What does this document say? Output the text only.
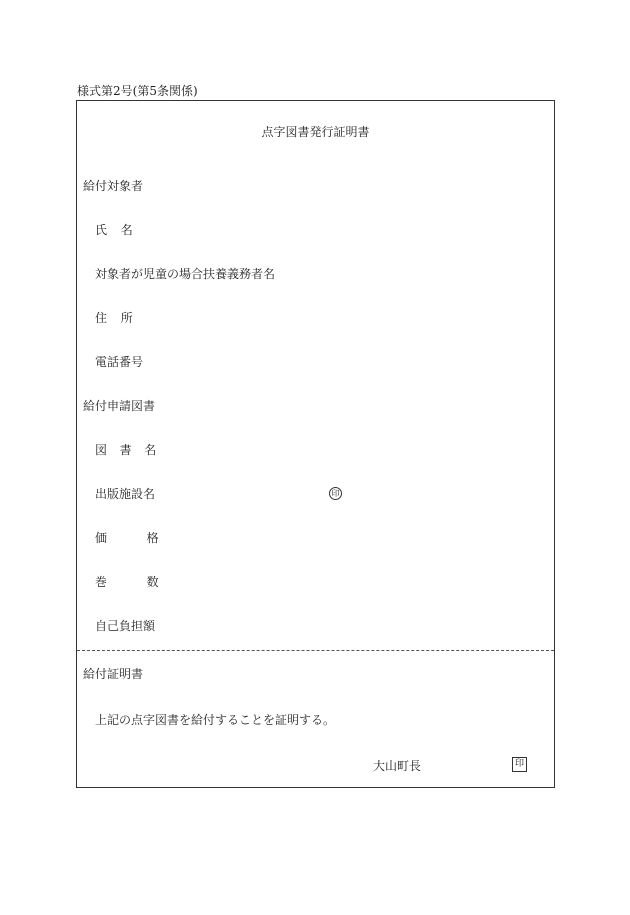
様式第2号(第5条関係)
点字図書発行証明書
給付対象者
氏名
対象者が児童の場合扶養義務者名
住所
電話番号
給付申請図書
図書名
出版施設名	印
価格
巻数
自己負担額
給付証明書
上記の点字図書を給付することを証明する。
大山町長	印
